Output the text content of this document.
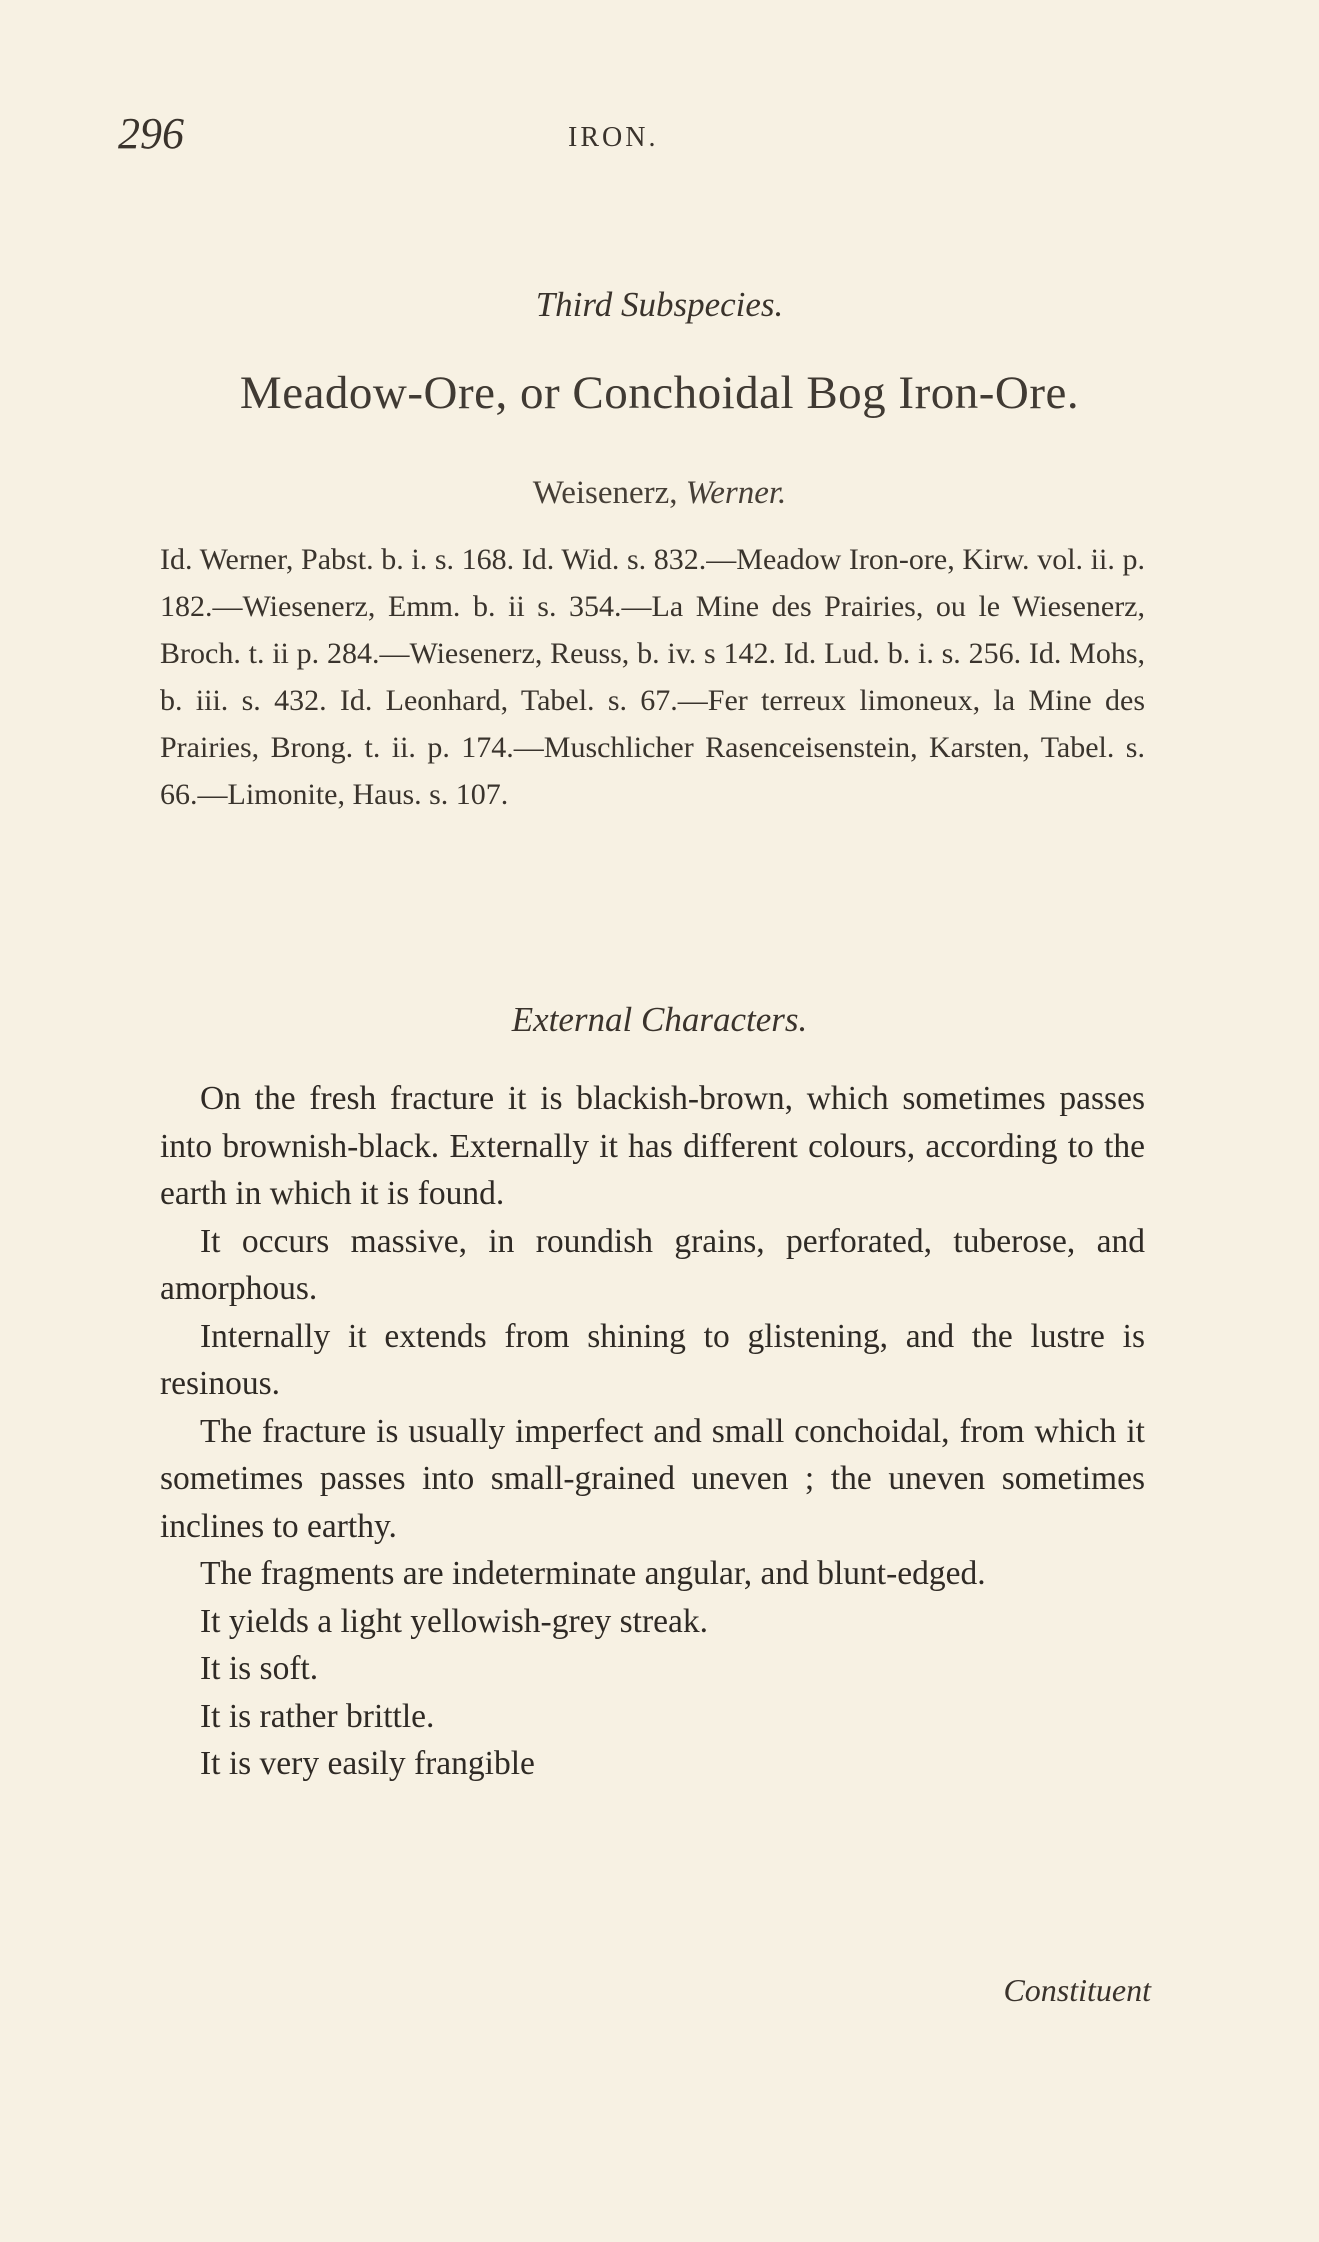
296	IRON.
Third Subspecies.
Meadow-Ore, or Conchoidal Bog Iron-Ore.
Weisenerz, Werner.
Id. Werner, Pabst. b. i. s. 168. Id. Wid. s. 832.—Meadow Iron-ore, Kirw. vol. ii. p. 182.—Wiesenerz, Emm. b. ii s. 354.—La Mine des Prairies, ou le Wiesenerz, Broch. t. ii p. 284.—Wiesenerz, Reuss, b. iv. s 142. Id. Lud. b. i. s. 256. Id. Mohs, b. iii. s. 432. Id. Leonhard, Tabel. s. 67.—Fer terreux limoneux, la Mine des Prairies, Brong. t. ii. p. 174.—Muschlicher Rasenceisenstein, Karsten, Tabel. s. 66.—Limonite, Haus. s. 107.
External Characters.

On the fresh fracture it is blackish-brown, which sometimes passes into brownish-black. Externally it has different colours, according to the earth in which it is found.

It occurs massive, in roundish grains, perforated, tuberose, and amorphous.

Internally it extends from shining to glistening, and the lustre is resinous.

The fracture is usually imperfect and small conchoidal, from which it sometimes passes into small-grained uneven ; the uneven sometimes inclines to earthy.

The fragments are indeterminate angular, and blunt-edged.

It yields a light yellowish-grey streak.

It is soft.

It is rather brittle.

It is very easily frangible

Constituent
